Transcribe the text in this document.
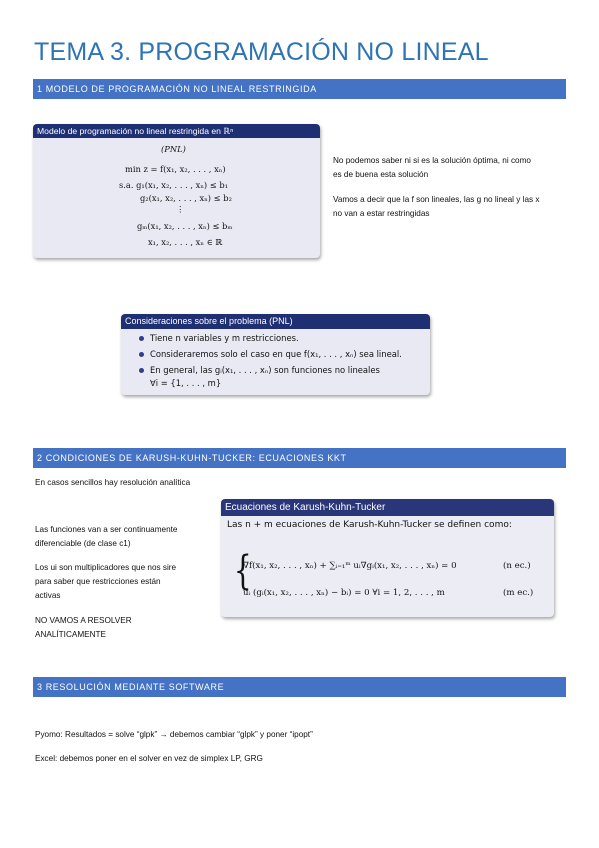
TEMA 3. PROGRAMACIÓN NO LINEAL
1 MODELO DE PROGRAMACIÓN NO LINEAL RESTRINGIDA
Modelo de programación no lineal restringida en ℝⁿ
(PNL)
min z = f(x₁, x₂, . . . , xₙ)
s.a. g₁(x₁, x₂, . . . , xₙ) ≤ b₁
g₂(x₁, x₂, . . . , xₙ) ≤ b₂
⋮
gₘ(x₁, x₂, . . . , xₙ) ≤ bₘ
x₁, x₂, . . . , xₙ ∈ ℝ
No podemos saber ni si es la solución óptima, ni como
es de buena esta solución
Vamos a decir que la f son lineales, las g no lineal y las x
no van a estar restringidas
Consideraciones sobre el problema (PNL)
Tiene n variables y m restricciones.
Consideraremos solo el caso en que f(x₁, . . . , xₙ) sea lineal.
En general, las gᵢ(x₁, . . . , xₙ) son funciones no lineales
∀i = {1, . . . , m}
2 CONDICIONES DE KARUSH-KUHN-TUCKER: ECUACIONES KKT
En casos sencillos hay resolución analítica
Las funciones van a ser continuamente
diferenciable (de clase c1)
Los ui son multiplicadores que nos sire
para saber que restricciones están
activas
NO VAMOS A RESOLVER
ANALÍTICAMENTE
Ecuaciones de Karush-Kuhn-Tucker
Las n + m ecuaciones de Karush-Kuhn-Tucker se definen como:
{
∇f(x₁, x₂, . . . , xₙ) + ∑ᵢ₌₁ᵐ uᵢ∇gᵢ(x₁, x₂, . . . , xₙ) = 0	(n ec.)
uᵢ (gᵢ(x₁, x₂, . . . , xₙ) − bᵢ) = 0 ∀i = 1, 2, . . . , m	(m ec.)
3 RESOLUCIÓN MEDIANTE SOFTWARE
Pyomo: Resultados = solve “glpk” → debemos cambiar “glpk” y poner “ipopt”
Excel: debemos poner en el solver en vez de simplex LP, GRG
